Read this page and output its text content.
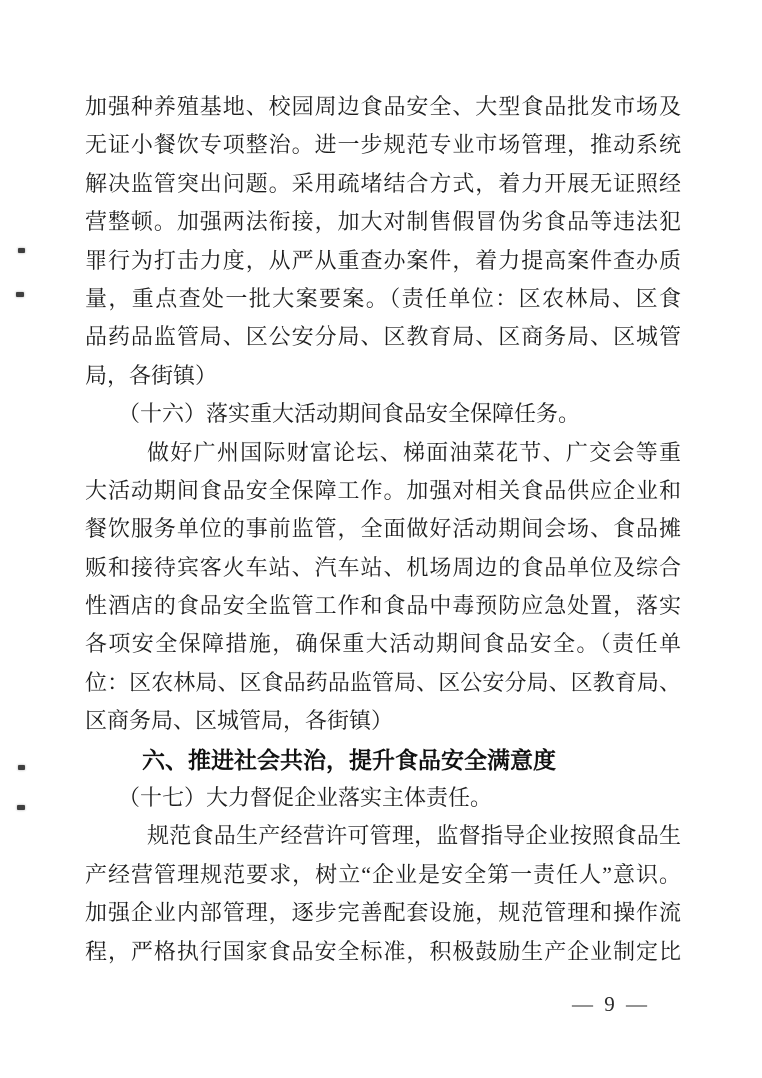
加强种养殖基地、校园周边食品安全、大型食品批发市场及
无证小餐饮专项整治。进一步规范专业市场管理，推动系统
解决监管突出问题。采用疏堵结合方式，着力开展无证照经
营整顿。加强两法衔接，加大对制售假冒伪劣食品等违法犯
罪行为打击力度，从严从重查办案件，着力提高案件查办质
量，重点查处一批大案要案。（责任单位：区农林局、区食
品药品监管局、区公安分局、区教育局、区商务局、区城管
局，各街镇）
（十六）落实重大活动期间食品安全保障任务。
做好广州国际财富论坛、梯面油菜花节、广交会等重
大活动期间食品安全保障工作。加强对相关食品供应企业和
餐饮服务单位的事前监管，全面做好活动期间会场、食品摊
贩和接待宾客火车站、汽车站、机场周边的食品单位及综合
性酒店的食品安全监管工作和食品中毒预防应急处置，落实
各项安全保障措施，确保重大活动期间食品安全。（责任单
位：区农林局、区食品药品监管局、区公安分局、区教育局、
区商务局、区城管局，各街镇）
六、推进社会共治，提升食品安全满意度
（十七）大力督促企业落实主体责任。
规范食品生产经营许可管理，监督指导企业按照食品生
产经营管理规范要求，树立“企业是安全第一责任人”意识。
加强企业内部管理，逐步完善配套设施，规范管理和操作流
程，严格执行国家食品安全标准，积极鼓励生产企业制定比
— 9 —
